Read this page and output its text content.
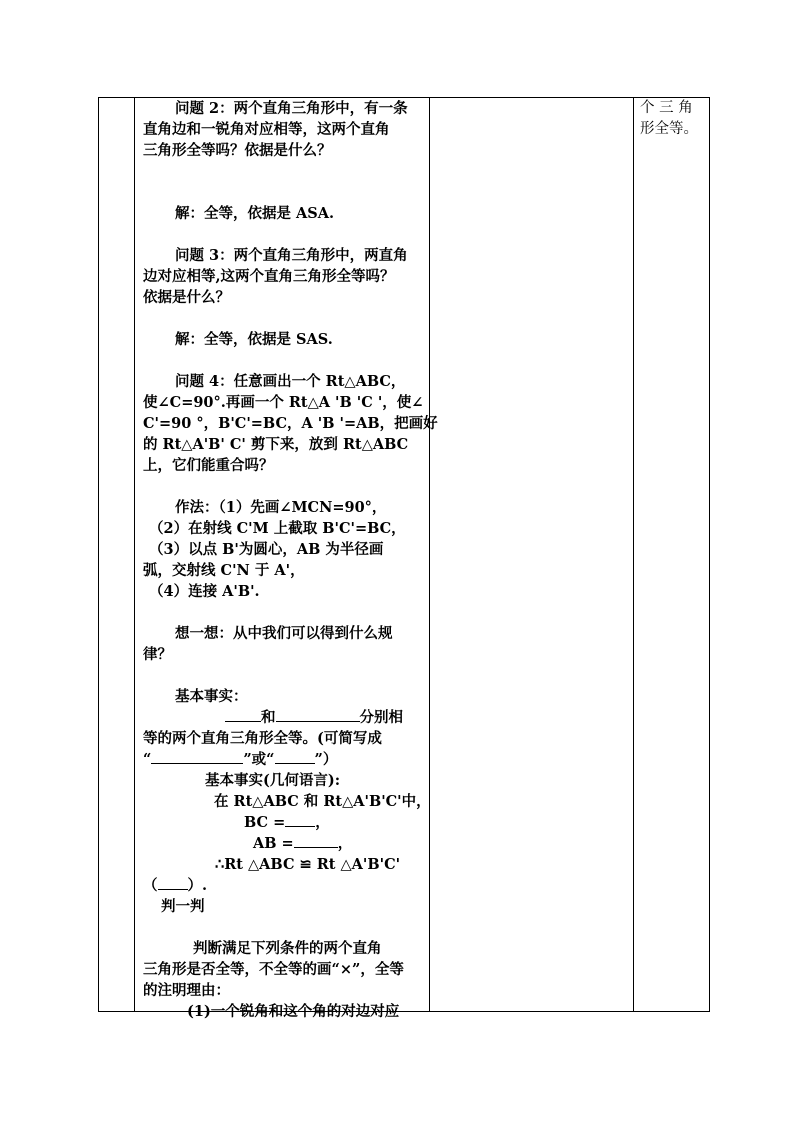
问题 2：两个直角三角形中，有一条
直角边和一锐角对应相等，这两个直角
三角形全等吗？依据是什么？
解：全等，依据是 ASA.
问题 3：两个直角三角形中，两直角
边对应相等,这两个直角三角形全等吗？
依据是什么？
解：全等，依据是 SAS.
问题 4：任意画出一个 Rt△ABC，
使∠C=90°.再画一个 Rt△A 'B 'C '，使∠
C'=90 °，B'C'=BC，A 'B '=AB，把画好
的 Rt△A'B' C' 剪下来，放到 Rt△ABC
上，它们能重合吗？
作法：（1）先画∠MCN=90°，
（2）在射线 C'M 上截取 B'C'=BC，
（3）以点 B'为圆心，AB 为半径画
弧，交射线 C'N 于 A'，
（4）连接 A'B'.
想一想：从中我们可以得到什么规
律？
基本事实：
和	分别相
等的两个直角三角形全等。(可简写成
“	”或“	”）
基本事实(几何语言):
在 Rt△ABC 和 Rt△A'B'C'中，
BC = ，
AB =	，
∴Rt △ABC ≌ Rt △A'B'C'
（ ）.
判一判
判断满足下列条件的两个直角
三角形是否全等，不全等的画“×”，全等
的注明理由：
(1)一个锐角和这个角的对边对应
个 三 角
形全等。
